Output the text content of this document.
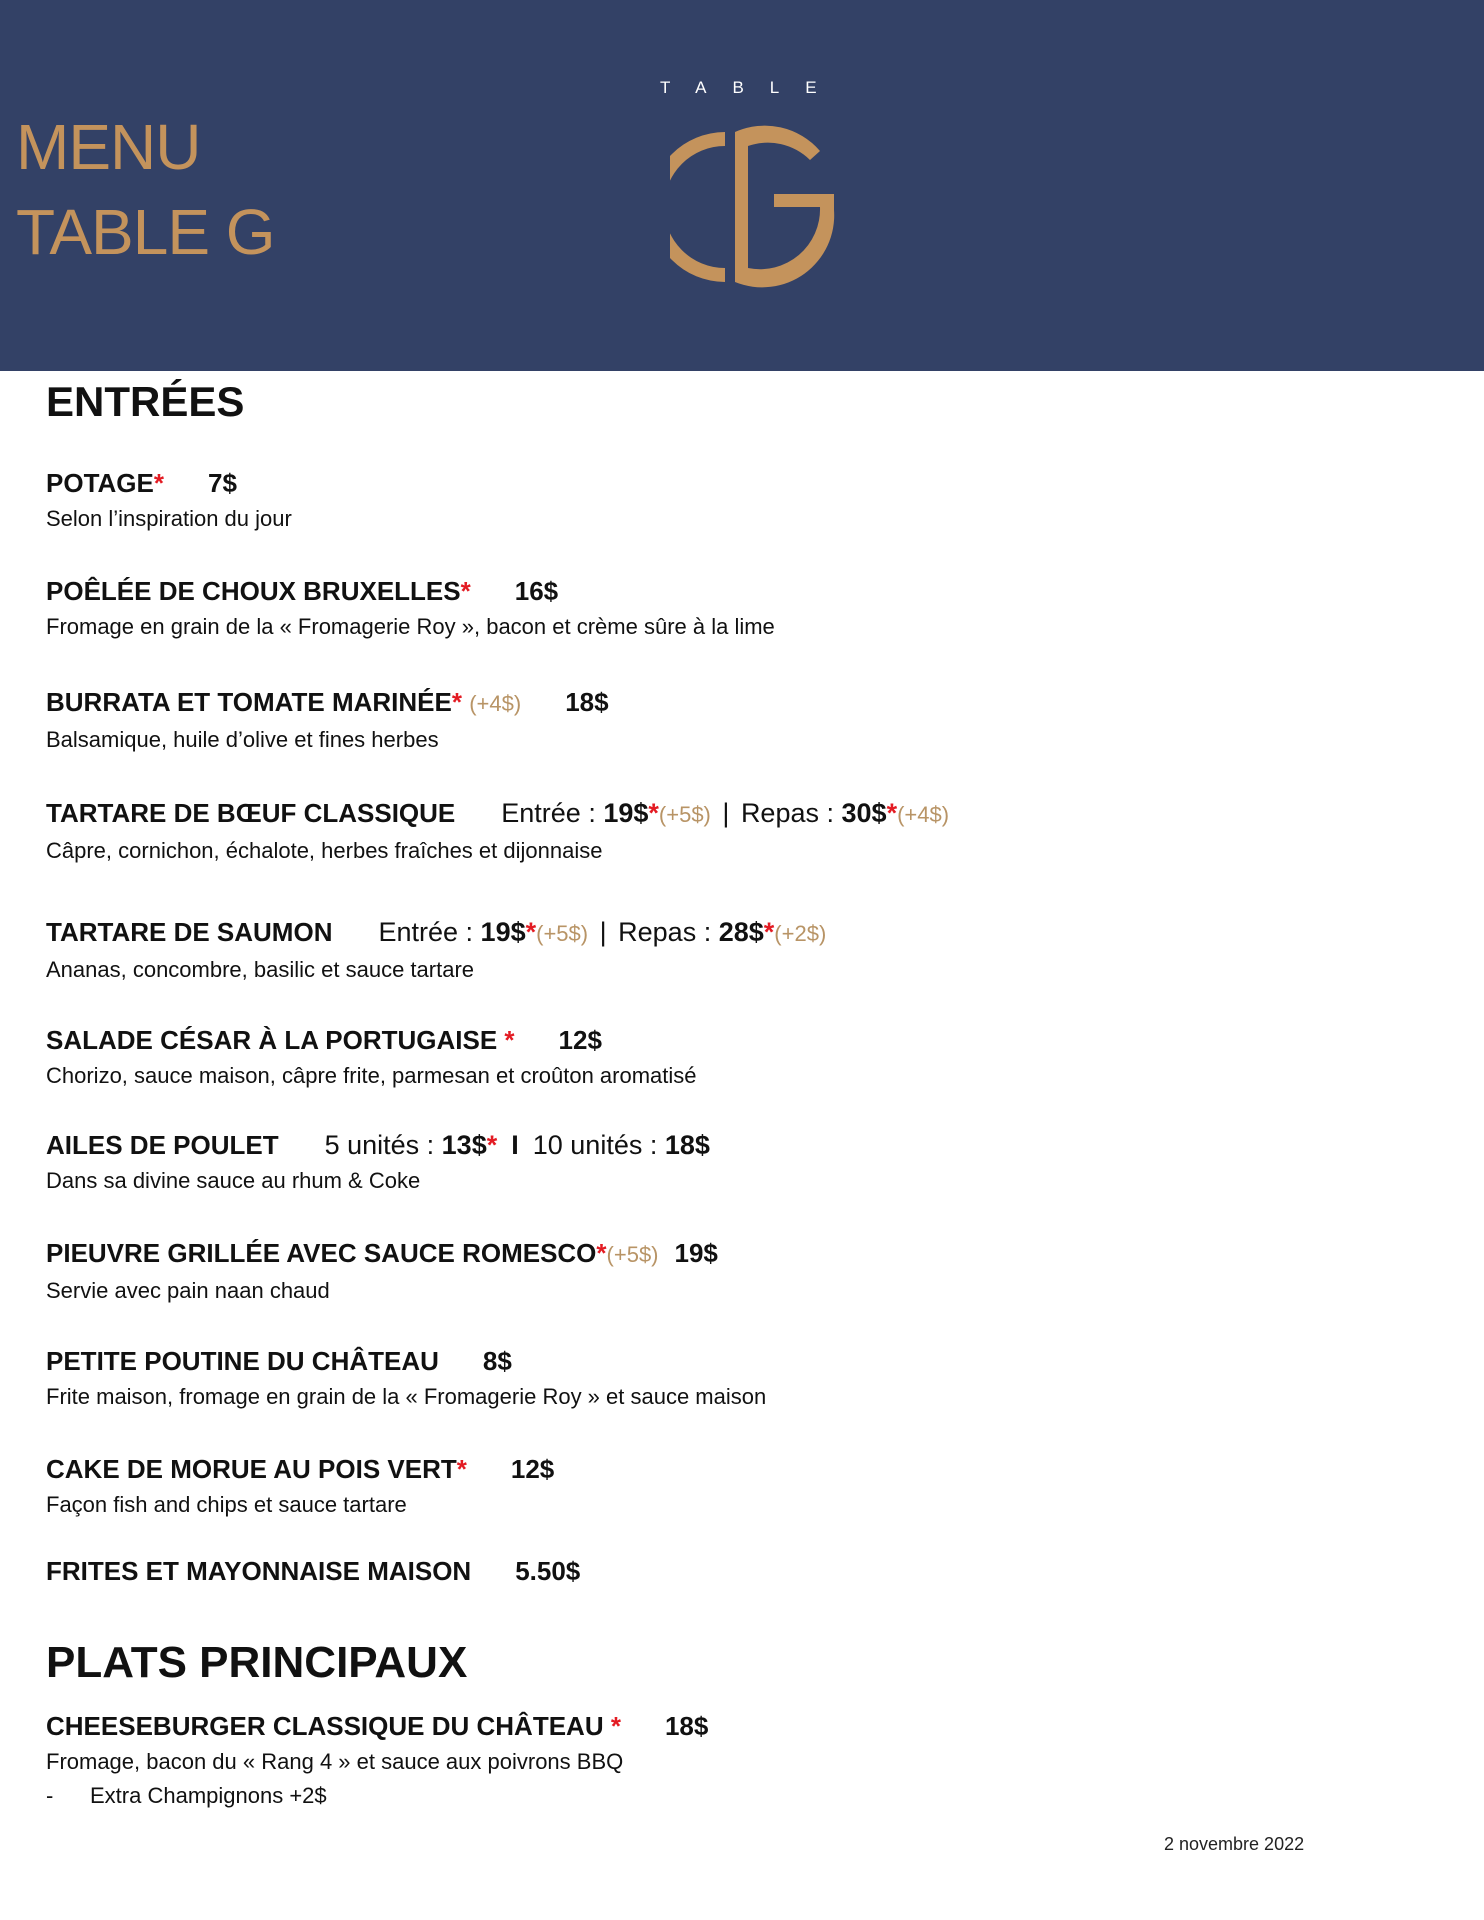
MENU
TABLE G
TABLE
ENTRÉES
POTAGE* 7$
Selon l’inspiration du jour
POÊLÉE DE CHOUX BRUXELLES* 16$
Fromage en grain de la « Fromagerie Roy », bacon et crème sûre à la lime
BURRATA ET TOMATE MARINÉE* (+4$) 18$
Balsamique, huile d’olive et fines herbes
TARTARE DE BŒUF CLASSIQUE Entrée : 19$*(+5$) | Repas : 30$*(+4$)
Câpre, cornichon, échalote, herbes fraîches et dijonnaise
TARTARE DE SAUMON Entrée : 19$*(+5$) | Repas : 28$*(+2$)
Ananas, concombre, basilic et sauce tartare
SALADE CÉSAR À LA PORTUGAISE * 12$
Chorizo, sauce maison, câpre frite, parmesan et croûton aromatisé
AILES DE POULET 5 unités : 13$* I 10 unités : 18$
Dans sa divine sauce au rhum & Coke
PIEUVRE GRILLÉE AVEC SAUCE ROMESCO*(+5$) 19$
Servie avec pain naan chaud
PETITE POUTINE DU CHÂTEAU 8$
Frite maison, fromage en grain de la « Fromagerie Roy » et sauce maison
CAKE DE MORUE AU POIS VERT* 12$
Façon fish and chips et sauce tartare
FRITES ET MAYONNAISE MAISON 5.50$
PLATS PRINCIPAUX
CHEESEBURGER CLASSIQUE DU CHÂTEAU * 18$
Fromage, bacon du « Rang 4 » et sauce aux poivrons BBQ
-	Extra Champignons +2$
2 novembre 2022
